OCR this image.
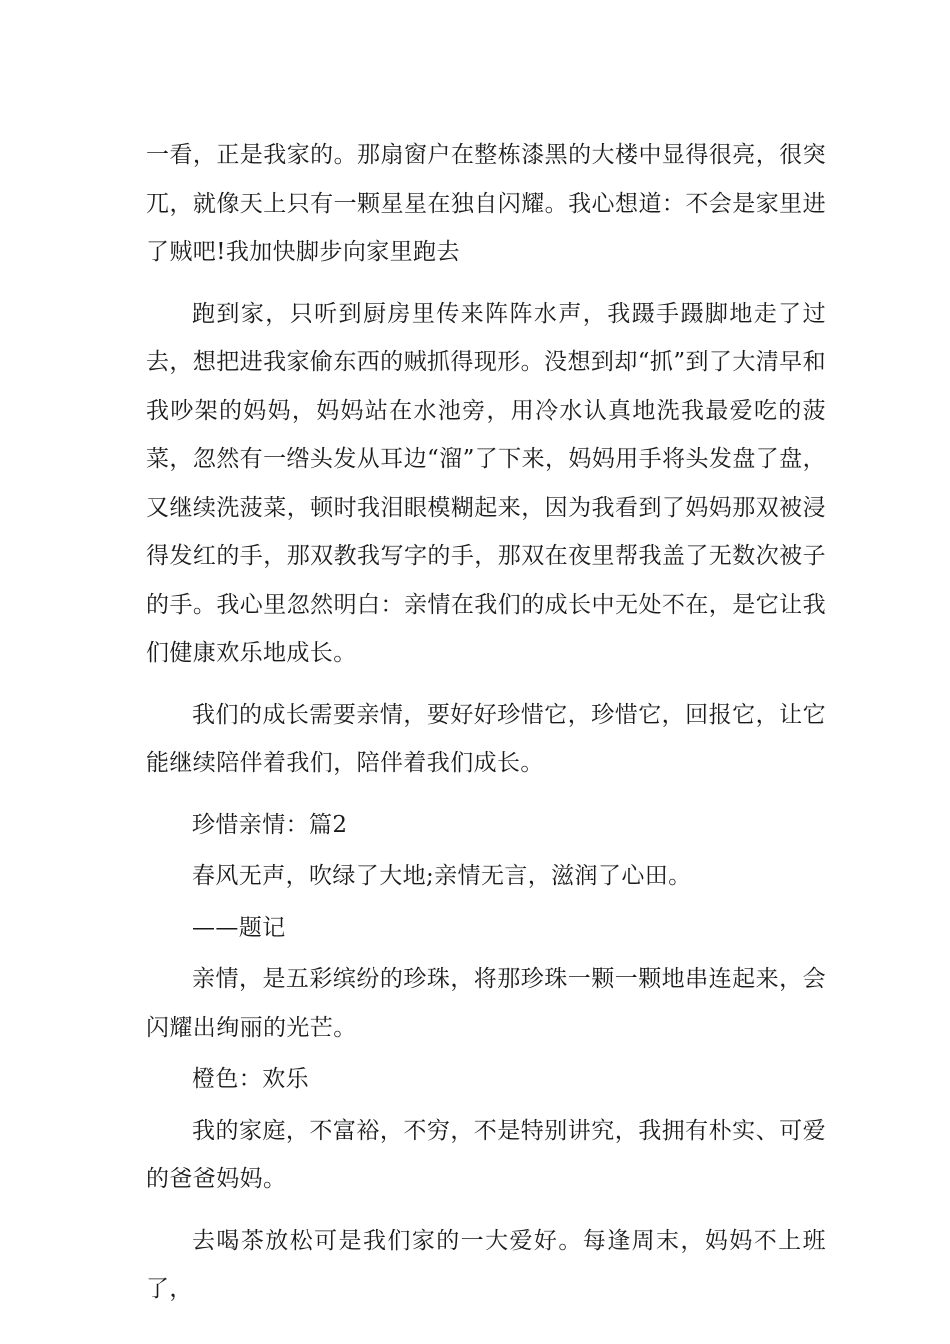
一看，正是我家的。那扇窗户在整栋漆黑的大楼中显得很亮，很突兀，就像天上只有一颗星星在独自闪耀。我心想道：不会是家里进了贼吧!我加快脚步向家里跑去

跑到家，只听到厨房里传来阵阵水声，我蹑手蹑脚地走了过去，想把进我家偷东西的贼抓得现形。没想到却“抓”到了大清早和我吵架的妈妈，妈妈站在水池旁，用冷水认真地洗我最爱吃的菠菜，忽然有一绺头发从耳边“溜”了下来，妈妈用手将头发盘了盘，又继续洗菠菜，顿时我泪眼模糊起来，因为我看到了妈妈那双被浸得发红的手，那双教我写字的手，那双在夜里帮我盖了无数次被子的手。我心里忽然明白：亲情在我们的成长中无处不在，是它让我们健康欢乐地成长。

我们的成长需要亲情，要好好珍惜它，珍惜它，回报它，让它能继续陪伴着我们，陪伴着我们成长。

珍惜亲情：篇2

春风无声，吹绿了大地;亲情无言，滋润了心田。

——题记

亲情，是五彩缤纷的珍珠，将那珍珠一颗一颗地串连起来，会闪耀出绚丽的光芒。

橙色：欢乐

我的家庭，不富裕，不穷，不是特别讲究，我拥有朴实、可爱的爸爸妈妈。

去喝茶放松可是我们家的一大爱好。每逢周末，妈妈不上班了，
